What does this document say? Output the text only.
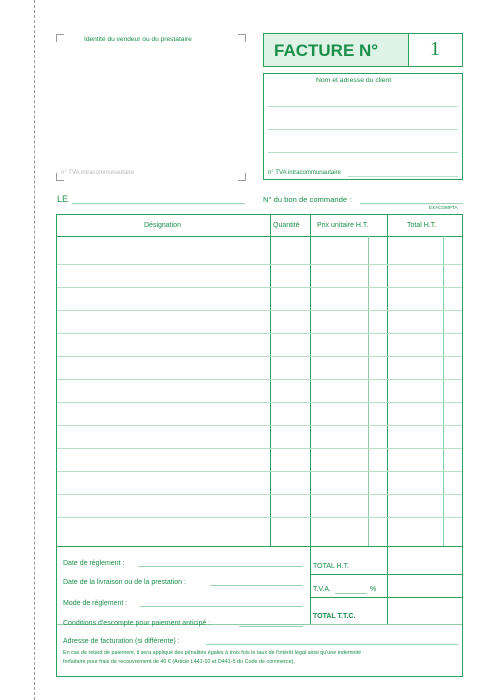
Identité du vendeur ou du prestataire
n° TVA intracommunautaire
FACTURE N°	1
Nom et adresse du client
n° TVA intracommunautaire
LE	N° du bon de commande :
EXACOMPTA
Désignation	Quantité	Prix unitaire H.T.	Total H.T.
Date de règlement :
Date de la livraison ou de la prestation :
Mode de règlement :
Conditions d'escompte pour paiement anticipé :
TOTAL H.T.
T.V.A.	%
TOTAL T.T.C.
Adresse de facturation (si différente) :
En cas de retard de paiement, il sera appliqué des pénalités égales à trois fois le taux de l'intérêt légal ainsi qu'une indemnité
forfaitaire pour frais de recouvrement de 40 € (Article L441-10 et D441-5 du Code de commerce).
